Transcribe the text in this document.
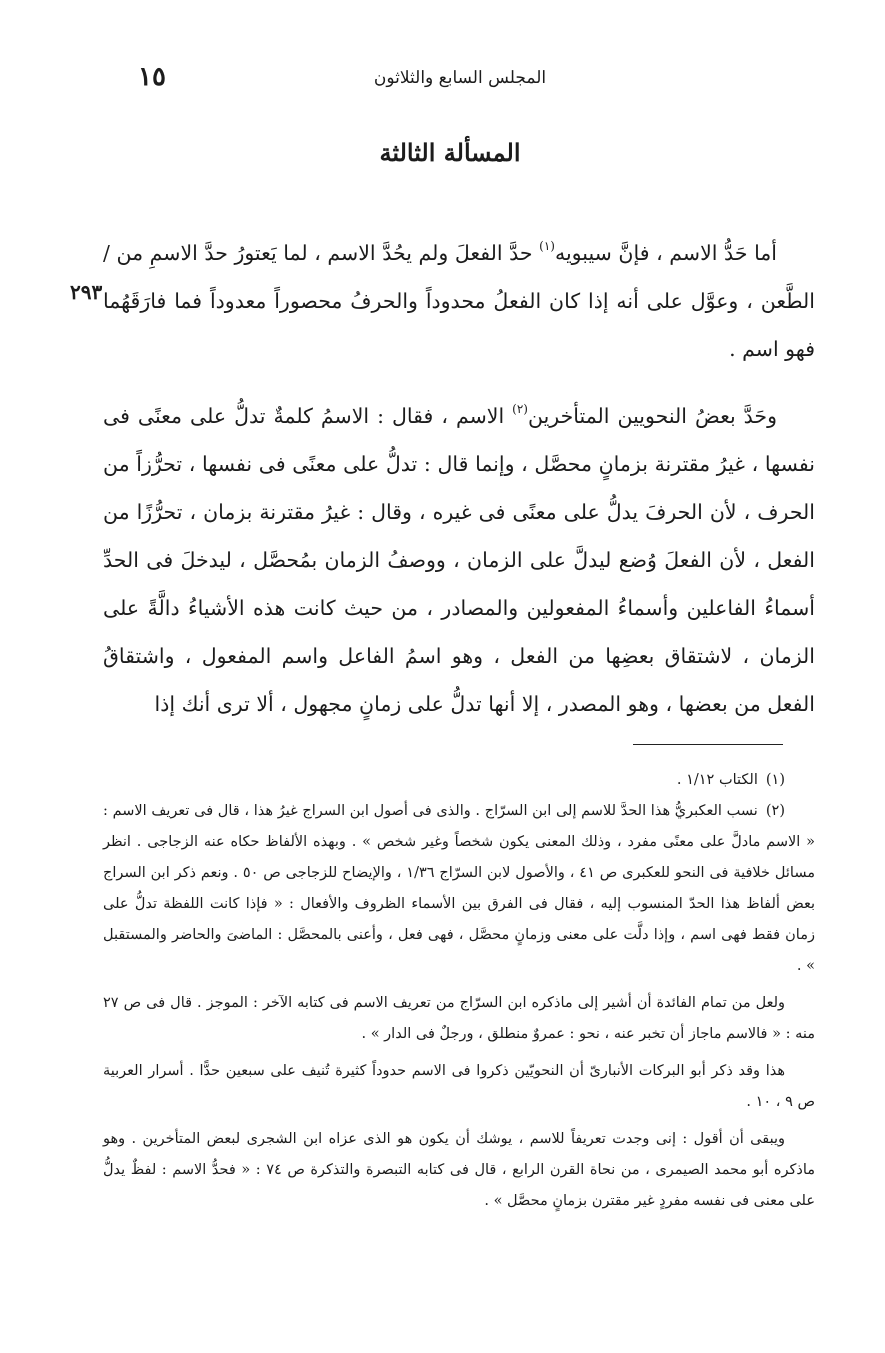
١٥	المجلس السابع والثلاثون
المسألة الثالثة
٢٩٣

أما حَدُّ الاسم ، فإنَّ سيبويه$^{(١)}$ حدَّ الفعلَ ولم يحُدَّ الاسم ، لما يَعتورُ حدَّ الاسمِ من / الطَّعن ، وعوَّل على أنه إذا كان الفعلُ محدوداً والحرفُ محصوراً معدوداً فما فارَقَهُما فهو اسم .

وحَدَّ بعضُ النحويين المتأخرين$^{(٢)}$ الاسم ، فقال : الاسمُ كلمةٌ تدلُّ على معنًى فى نفسها ، غيرُ مقترنة بزمانٍ محصَّل ، وإنما قال : تدلُّ على معنًى فى نفسها ، تحرُّزاً من الحرف ، لأن الحرفَ يدلُّ على معنًى فى غيره ، وقال : غيرُ مقترنة بزمان ، تحرُّزًا من الفعل ، لأن الفعلَ وُضع ليدلَّ على الزمان ، ووصفُ الزمان بمُحصَّل ، ليدخلَ فى الحدِّ أسماءُ الفاعلين وأسماءُ المفعولين والمصادر ، من حيث كانت هذه الأشياءُ دالَّةً على الزمان ، لاشتقاق بعضِها من الفعل ، وهو اسمُ الفاعل واسم المفعول ، واشتقاقُ الفعل من بعضها ، وهو المصدر ، إلا أنها تدلُّ على زمانٍ مجهول ، ألا ترى أنك إذا

(١)الكتاب ١/١٢ .

(٢)نسب العكبريُّ هذا الحدَّ للاسم إلى ابن السرّاج . والذى فى أصول ابن السراج غيرُ هذا ، قال فى تعريف الاسم : « الاسم مادلَّ على معنًى مفرد ، وذلك المعنى يكون شخصاً وغير شخص » . وبهذه الألفاظ حكاه عنه الزجاجى . انظر مسائل خلافية فى النحو للعكبرى ص ٤١ ، والأصول لابن السرّاج ١/٣٦ ، والإيضاح للزجاجى ص ٥٠ . ونعم ذكر ابن السراج بعض ألفاظ هذا الحدّ المنسوب إليه ، فقال فى الفرق بين الأسماء الظروف والأفعال : « فإذا كانت اللفظة تدلُّ على زمان فقط فهى اسم ، وإذا دلَّت على معنى وزمانٍ محصَّل ، فهى فعل ، وأعنى بالمحصَّل : الماضىَ والحاضر والمستقبل » .

ولعل من تمام الفائدة أن أشير إلى ماذكره ابن السرّاج من تعريف الاسم فى كتابه الآخر : الموجز . قال فى ص ٢٧ منه : « فالاسم ماجاز أن تخبر عنه ، نحو : عمروٌ منطلق ، ورجلٌ فى الدار » .

هذا وقد ذكر أبو البركات الأنبارىّ أن النحويّين ذكروا فى الاسم حدوداً كثيرة تُنيف على سبعين حدًّا . أسرار العربية ص ٩ ، ١٠ .

ويبقى أن أقول : إنى وجدت تعريفاً للاسم ، يوشك أن يكون هو الذى عزاه ابن الشجرى لبعض المتأخرين . وهو ماذكره أبو محمد الصيمرى ، من نحاة القرن الرابع ، قال فى كتابه التبصرة والتذكرة ص ٧٤ : « فحدُّ الاسم : لفظٌ يدلُّ على معنى فى نفسه مفردٍ غير مقترن بزمانٍ محصَّل » .
